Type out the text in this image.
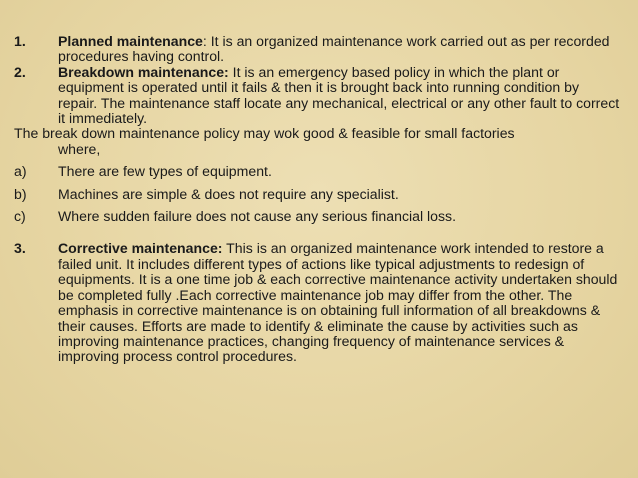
1.	Planned maintenance: It is an organized maintenance work carried out as per recorded procedures having control.
2.	Breakdown maintenance: It is an emergency based policy in which the plant or equipment is operated until it fails & then it is brought back into running condition by repair. The maintenance staff locate any mechanical, electrical or any other fault to correct it immediately.
The break down maintenance policy may wok good & feasible for small factories
where,
a)	There are few types of equipment.
b)	Machines are simple & does not require any specialist.
c)	Where sudden failure does not cause any serious financial loss.
3.	Corrective maintenance: This is an organized maintenance work intended to restore a failed unit. It includes different types of actions like typical adjustments to redesign of equipments. It is a one time job & each corrective maintenance activity undertaken should be completed fully .Each corrective maintenance job may differ from the other. The emphasis in corrective maintenance is on obtaining full information of all breakdowns & their causes. Efforts are made to identify & eliminate the cause by activities such as improving maintenance practices, changing frequency of maintenance services & improving process control procedures.
